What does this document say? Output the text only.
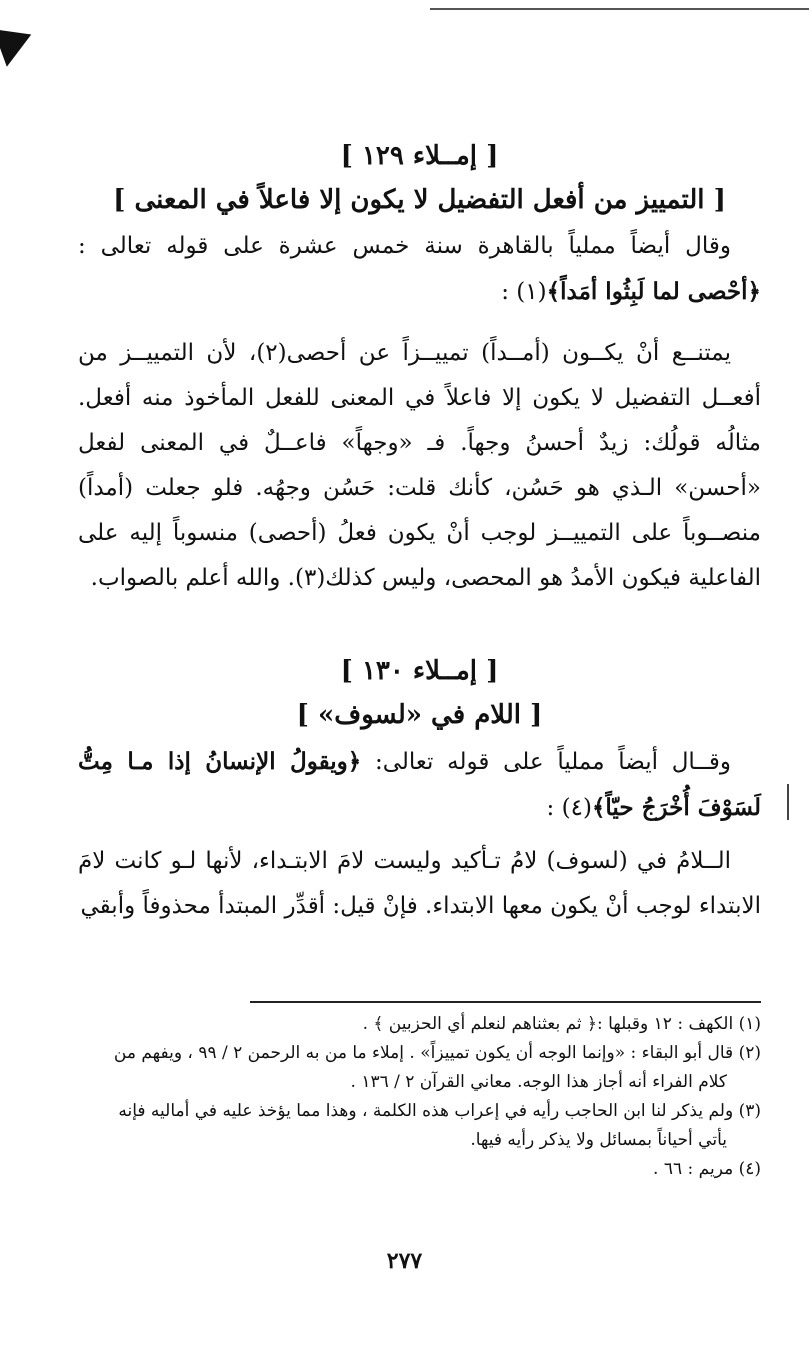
[ إمــلاء ١٢٩ ]
[ التمييز من أفعل التفضيل لا يكون إلا فاعلاً في المعنى ]

وقال أيضاً مملياً بالقاهرة سنة خمس عشرة على قوله تعالى : ﴿أحْصى لما لَبِثُوا أمَداً﴾(١) :

يمتنــع أنْ يكــون (أمــداً) تمييــزاً عن أحصى(٢)، لأن التمييــز من أفعــل التفضيل لا يكون إلا فاعلاً في المعنى للفعل المأخوذ منه أفعل. مثالُه قولُك: زيدٌ أحسنُ وجهاً. فـ «وجهاً» فاعــلٌ في المعنى لفعل «أحسن» الـذي هو حَسُن، كأنك قلت: حَسُن وجهُه. فلو جعلت (أمداً) منصــوباً على التمييــز لوجب أنْ يكون فعلُ (أحصى) منسوباً إليه على الفاعلية فيكون الأمدُ هو المحصى، وليس كذلك(٣). والله أعلم بالصواب.

[ إمــلاء ١٣٠ ]
[ اللام في «لسوف» ]

وقــال أيضاً مملياً على قوله تعالى: ﴿ويقولُ الإنسانُ إذا مـا مِتُّ لَسَوْفَ أُخْرَجُ حيّاً﴾(٤) :

الــلامُ في (لسوف) لامُ تـأكيد وليست لامَ الابتـداء، لأنها لـو كانت لامَ الابتداء لوجب أنْ يكون معها الابتداء. فإنْ قيل: أقدِّر المبتدأ محذوفاً وأبقي

(١) الكهف : ١٢ وقبلها :﴿ ثم بعثناهم لنعلم أي الحزبين ﴾ .

(٢) قال أبو البقاء : «وإنما الوجه أن يكون تمييزاً» . إملاء ما من به الرحمن ٢ / ٩٩ ، ويفهم من

كلام الفراء أنه أجاز هذا الوجه. معاني القرآن ٢ / ١٣٦ .

(٣) ولم يذكر لنا ابن الحاجب رأيه في إعراب هذه الكلمة ، وهذا مما يؤخذ عليه في أماليه فإنه

يأتي أحياناً بمسائل ولا يذكر رأيه فيها.

(٤) مريم : ٦٦ .

٢٧٧
